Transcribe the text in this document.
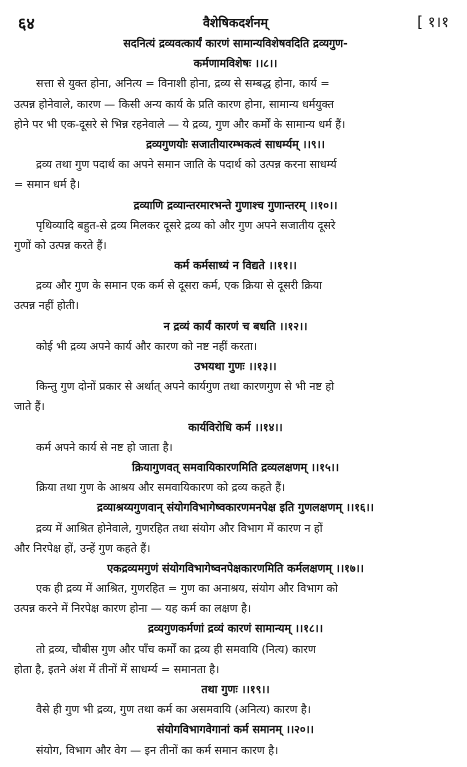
६४	वैशेषिकदर्शनम्	[ १।१
सदनित्यं द्रव्यवत्कार्यं कारणं सामान्यविशेषवदिति द्रव्यगुण-
कर्मणामविशेषः ।।८।।
सत्ता से युक्त होना, अनित्य = विनाशी होना, द्रव्य से सम्बद्ध होना, कार्य =
उत्पन्न होनेवाले, कारण — किसी अन्य कार्य के प्रति कारण होना, सामान्य धर्मयुक्त
होने पर भी एक-दूसरे से भिन्न रहनेवाले — ये द्रव्य, गुण और कर्मों के सामान्य धर्म हैं।
द्रव्यगुणयोः सजातीयारम्भकत्वं साधर्म्यम् ।।९।।
द्रव्य तथा गुण पदार्थ का अपने समान जाति के पदार्थ को उत्पन्न करना साधर्म्य
= समान धर्म है।
द्रव्याणि द्रव्यान्तरमारभन्ते गुणाश्च गुणान्तरम् ।।१०।।
पृथिव्यादि बहुत-से द्रव्य मिलकर दूसरे द्रव्य को और गुण अपने सजातीय दूसरे
गुणों को उत्पन्न करते हैं।
कर्म कर्मसाध्यं न विद्यते ।।११।।
द्रव्य और गुण के समान एक कर्म से दूसरा कर्म, एक क्रिया से दूसरी क्रिया
उत्पन्न नहीं होती।
न द्रव्यं कार्यं कारणं च बधति ।।१२।।
कोई भी द्रव्य अपने कार्य और कारण को नष्ट नहीं करता।
उभयथा गुणः ।।१३।।
किन्तु गुण दोनों प्रकार से अर्थात् अपने कार्यगुण तथा कारणगुण से भी नष्ट हो
जाते हैं।
कार्यविरोधि कर्म ।।१४।।
कर्म अपने कार्य से नष्ट हो जाता है।
क्रियागुणवत् समवायिकारणमिति द्रव्यलक्षणम् ।।१५।।
क्रिया तथा गुण के आश्रय और समवायिकारण को द्रव्य कहते हैं।
द्रव्याश्रय्यगुणवान् संयोगविभागेष्वकारणमनपेक्ष इति गुणलक्षणम् ।।१६।।
द्रव्य में आश्रित होनेवाले, गुणरहित तथा संयोग और विभाग में कारण न हों
और निरपेक्ष हों, उन्हें गुण कहते हैं।
एकद्रव्यमगुणं संयोगविभागेष्वनपेक्षकारणमिति कर्मलक्षणम् ।।१७।।
एक ही द्रव्य में आश्रित, गुणरहित = गुण का अनाश्रय, संयोग और विभाग को
उत्पन्न करने में निरपेक्ष कारण होना — यह कर्म का लक्षण है।
द्रव्यगुणकर्मणां द्रव्यं कारणं सामान्यम् ।।१८।।
तो द्रव्य, चौबीस गुण और पाँच कर्मों का द्रव्य ही समवायि (नित्य) कारण
होता है, इतने अंश में तीनों में साधर्म्य = समानता है।
तथा गुणः ।।१९।।
वैसे ही गुण भी द्रव्य, गुण तथा कर्म का असमवायि (अनित्य) कारण है।
संयोगविभागवेगानां कर्म समानम् ।।२०।।
संयोग, विभाग और वेग — इन तीनों का कर्म समान कारण है।
